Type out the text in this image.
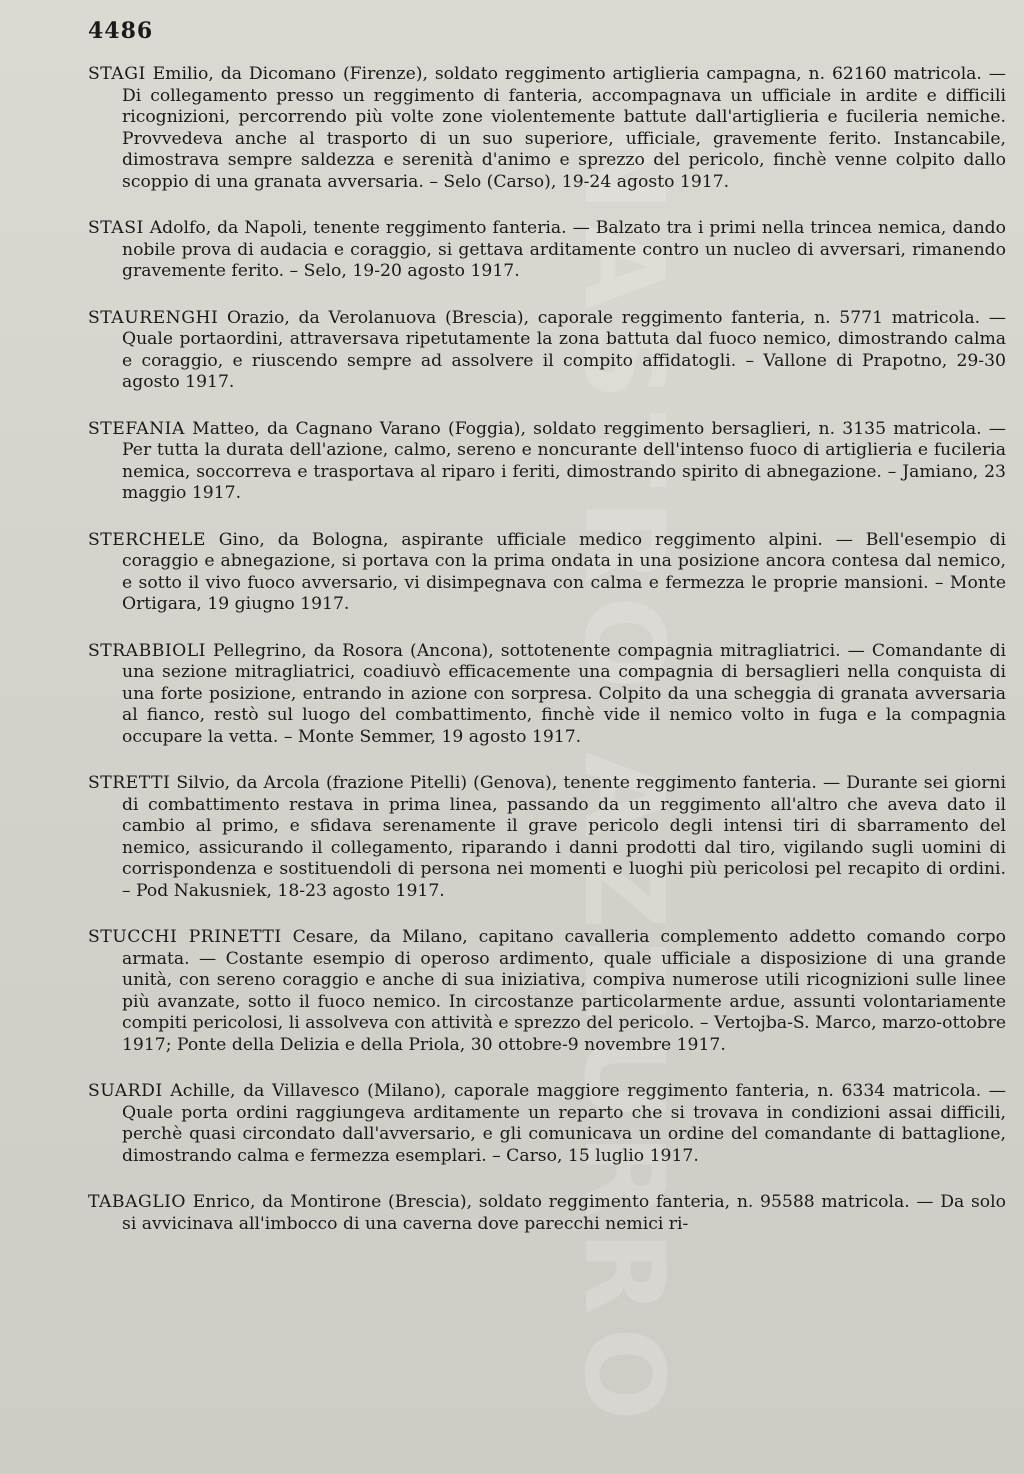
NASTRO AZZURRO
4486

STAGI Emilio, da Dicomano (Firenze), soldato reggimento artiglieria campagna, n. 62160 matricola. — Di collegamento presso un reggimento di fanteria, accompagnava un ufficiale in ardite e difficili ricognizioni, percorrendo più volte zone violentemente battute dall'artiglieria e fucileria nemiche. Provvedeva anche al trasporto di un suo superiore, ufficiale, gravemente ferito. Instancabile, dimostrava sempre saldezza e serenità d'animo e sprezzo del pericolo, finchè venne colpito dallo scoppio di una granata avversaria. – Selo (Carso), 19-24 agosto 1917.

STASI Adolfo, da Napoli, tenente reggimento fanteria. — Balzato tra i primi nella trincea nemica, dando nobile prova di audacia e coraggio, si gettava arditamente contro un nucleo di avversari, rimanendo gravemente ferito. – Selo, 19-20 agosto 1917.

STAURENGHI Orazio, da Verolanuova (Brescia), caporale reggimento fanteria, n. 5771 matricola. — Quale portaordini, attraversava ripetutamente la zona battuta dal fuoco nemico, dimostrando calma e coraggio, e riuscendo sempre ad assolvere il compito affidatogli. – Vallone di Prapotno, 29-30 agosto 1917.

STEFANIA Matteo, da Cagnano Varano (Foggia), soldato reggimento bersaglieri, n. 3135 matricola. — Per tutta la durata dell'azione, calmo, sereno e noncurante dell'intenso fuoco di artiglieria e fucileria nemica, soccorreva e trasportava al riparo i feriti, dimostrando spirito di abnegazione. – Jamiano, 23 maggio 1917.

STERCHELE Gino, da Bologna, aspirante ufficiale medico reggimento alpini. — Bell'esempio di coraggio e abnegazione, si portava con la prima ondata in una posizione ancora contesa dal nemico, e sotto il vivo fuoco avversario, vi disimpegnava con calma e fermezza le proprie mansioni. – Monte Ortigara, 19 giugno 1917.

STRABBIOLI Pellegrino, da Rosora (Ancona), sottotenente compagnia mitragliatrici. — Comandante di una sezione mitragliatrici, coadiuvò efficacemente una compagnia di bersaglieri nella conquista di una forte posizione, entrando in azione con sorpresa. Colpito da una scheggia di granata avversaria al fianco, restò sul luogo del combattimento, finchè vide il nemico volto in fuga e la compagnia occupare la vetta. – Monte Semmer, 19 agosto 1917.

STRETTI Silvio, da Arcola (frazione Pitelli) (Genova), tenente reggimento fanteria. — Durante sei giorni di combattimento restava in prima linea, passando da un reggimento all'altro che aveva dato il cambio al primo, e sfidava serenamente il grave pericolo degli intensi tiri di sbarramento del nemico, assicurando il collegamento, riparando i danni prodotti dal tiro, vigilando sugli uomini di corrispondenza e sostituendoli di persona nei momenti e luoghi più pericolosi pel recapito di ordini. – Pod Nakusniek, 18-23 agosto 1917.

STUCCHI PRINETTI Cesare, da Milano, capitano cavalleria complemento addetto comando corpo armata. — Costante esempio di operoso ardimento, quale ufficiale a disposizione di una grande unità, con sereno coraggio e anche di sua iniziativa, compiva numerose utili ricognizioni sulle linee più avanzate, sotto il fuoco nemico. In circostanze particolarmente ardue, assunti volontariamente compiti pericolosi, li assolveva con attività e sprezzo del pericolo. – Vertojba-S. Marco, marzo-ottobre 1917; Ponte della Delizia e della Priola, 30 ottobre-9 novembre 1917.

SUARDI Achille, da Villavesco (Milano), caporale maggiore reggimento fanteria, n. 6334 matricola. — Quale porta ordini raggiungeva arditamente un reparto che si trovava in condizioni assai difficili, perchè quasi circondato dall'avversario, e gli comunicava un ordine del comandante di battaglione, dimostrando calma e fermezza esemplari. – Carso, 15 luglio 1917.

TABAGLIO Enrico, da Montirone (Brescia), soldato reggimento fanteria, n. 95588 matricola. — Da solo si avvicinava all'imbocco di una caverna dove parecchi nemici ri-
